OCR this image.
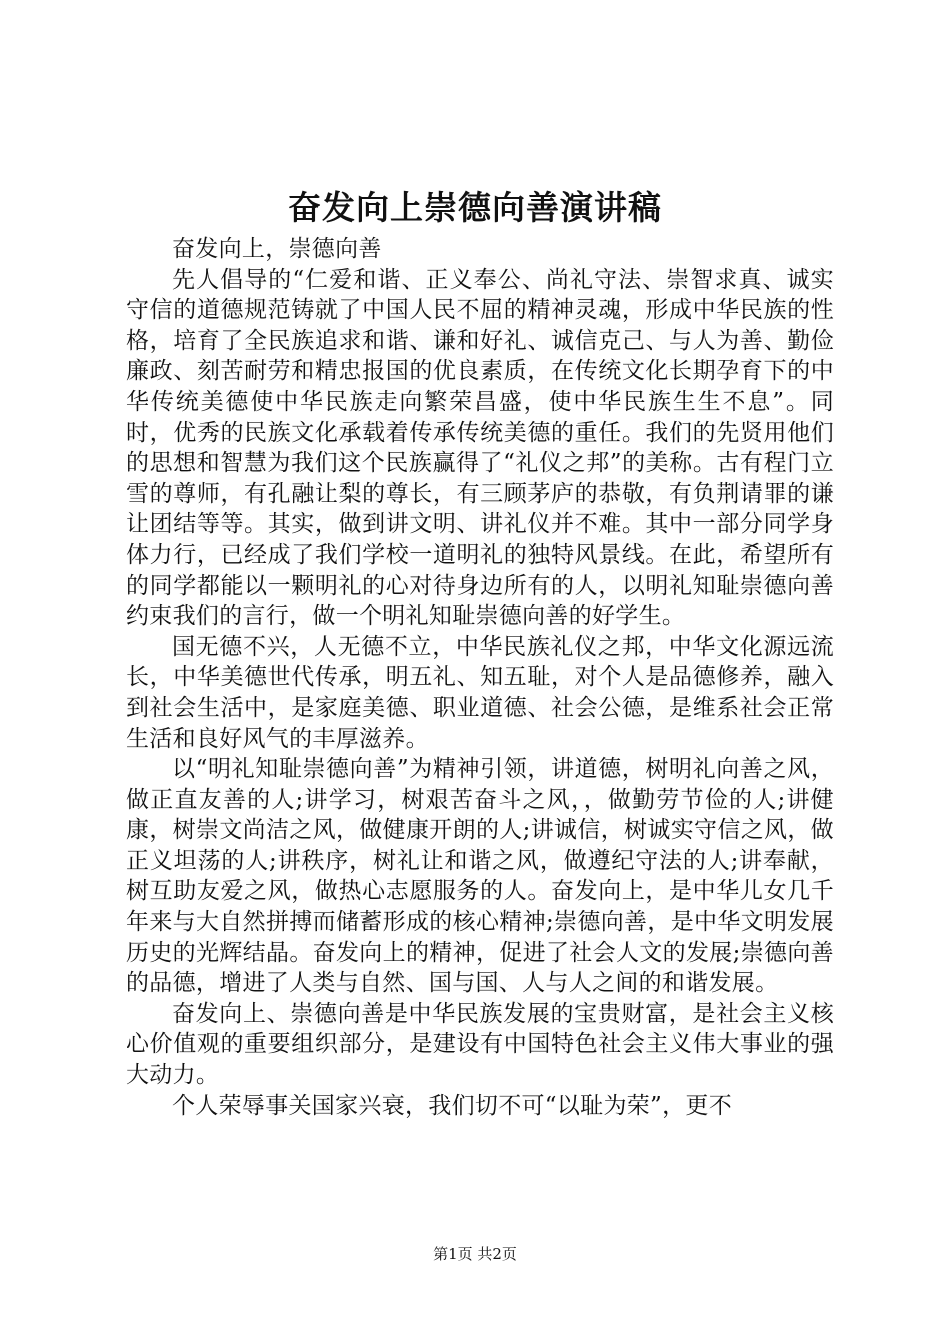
奋发向上崇德向善演讲稿

奋发向上，崇德向善

先人倡导的“仁爱和谐、正义奉公、尚礼守法、崇智求真、诚实守信的道德规范铸就了中国人民不屈的精神灵魂，形成中华民族的性格，培育了全民族追求和谐、谦和好礼、诚信克己、与人为善、勤俭廉政、刻苦耐劳和精忠报国的优良素质，在传统文化长期孕育下的中华传统美德使中华民族走向繁荣昌盛，使中华民族生生不息”。同时，优秀的民族文化承载着传承传统美德的重任。我们的先贤用他们的思想和智慧为我们这个民族赢得了“礼仪之邦”的美称。古有程门立雪的尊师，有孔融让梨的尊长，有三顾茅庐的恭敬，有负荆请罪的谦让团结等等。其实，做到讲文明、讲礼仪并不难。其中一部分同学身体力行，已经成了我们学校一道明礼的独特风景线。在此，希望所有的同学都能以一颗明礼的心对待身边所有的人，以明礼知耻崇德向善约束我们的言行，做一个明礼知耻崇德向善的好学生。

国无德不兴，人无德不立，中华民族礼仪之邦，中华文化源远流长，中华美德世代传承，明五礼、知五耻，对个人是品德修养，融入到社会生活中，是家庭美德、职业道德、社会公德，是维系社会正常生活和良好风气的丰厚滋养。

以“明礼知耻崇德向善”为精神引领，讲道德，树明礼向善之风，做正直友善的人;讲学习，树艰苦奋斗之风，，做勤劳节俭的人;讲健康，树崇文尚洁之风，做健康开朗的人;讲诚信，树诚实守信之风，做正义坦荡的人;讲秩序，树礼让和谐之风，做遵纪守法的人;讲奉献，树互助友爱之风，做热心志愿服务的人。奋发向上，是中华儿女几千年来与大自然拼搏而储蓄形成的核心精神;崇德向善，是中华文明发展历史的光辉结晶。奋发向上的精神，促进了社会人文的发展;崇德向善的品德，增进了人类与自然、国与国、人与人之间的和谐发展。

奋发向上、崇德向善是中华民族发展的宝贵财富，是社会主义核心价值观的重要组织部分，是建设有中国特色社会主义伟大事业的强大动力。

个人荣辱事关国家兴衰，我们切不可“以耻为荣”，更不

第1页 共2页
